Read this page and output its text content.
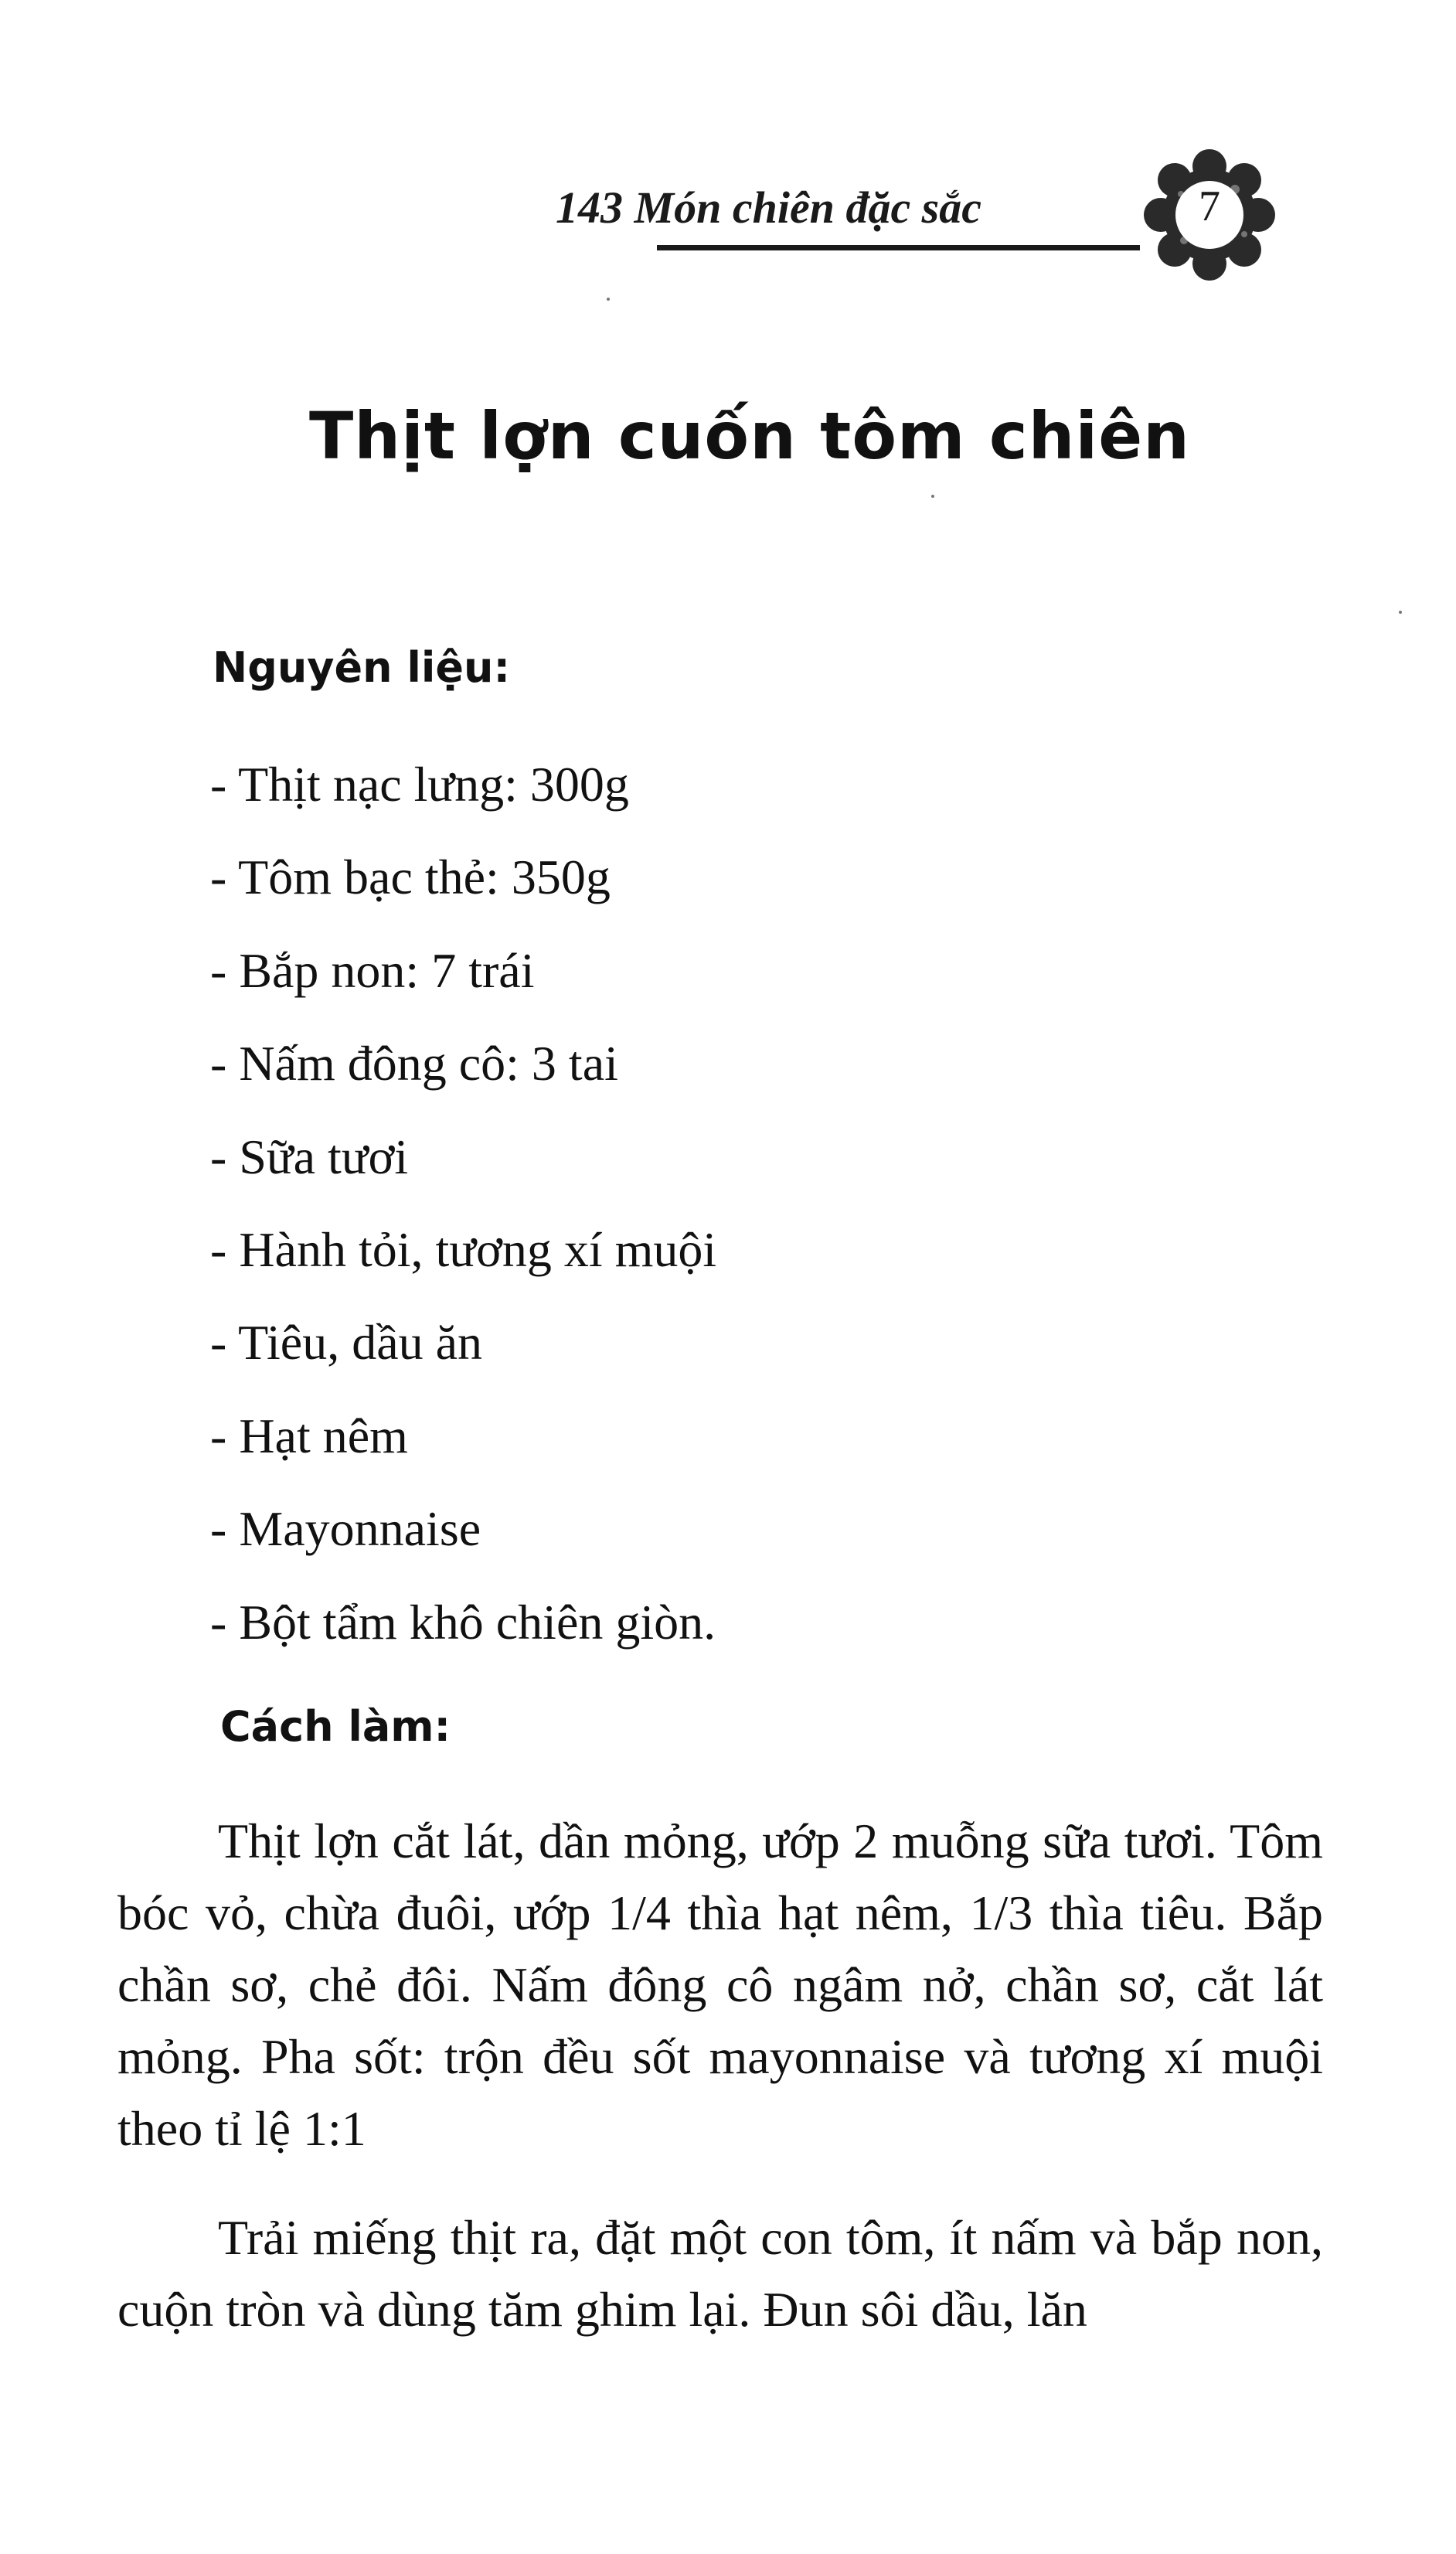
143 Món chiên đặc sắc	7
Thịt lợn cuốn tôm chiên
Nguyên liệu:
- Thịt nạc lưng: 300g
- Tôm bạc thẻ: 350g
- Bắp non: 7 trái
- Nấm đông cô: 3 tai
- Sữa tươi
- Hành tỏi, tương xí muội
- Tiêu, dầu ăn
- Hạt nêm
- Mayonnaise
- Bột tẩm khô chiên giòn.
Cách làm:

Thịt lợn cắt lát, dần mỏng, ướp 2 muỗng sữa tươi. Tôm bóc vỏ, chừa đuôi, ướp 1/4 thìa hạt nêm, 1/3 thìa tiêu. Bắp chần sơ, chẻ đôi. Nấm đông cô ngâm nở, chần sơ, cắt lát mỏng. Pha sốt: trộn đều sốt mayonnaise và tương xí muội theo tỉ lệ 1:1

Trải miếng thịt ra, đặt một con tôm, ít nấm và bắp non, cuộn tròn và dùng tăm ghim lại. Đun sôi dầu, lăn
